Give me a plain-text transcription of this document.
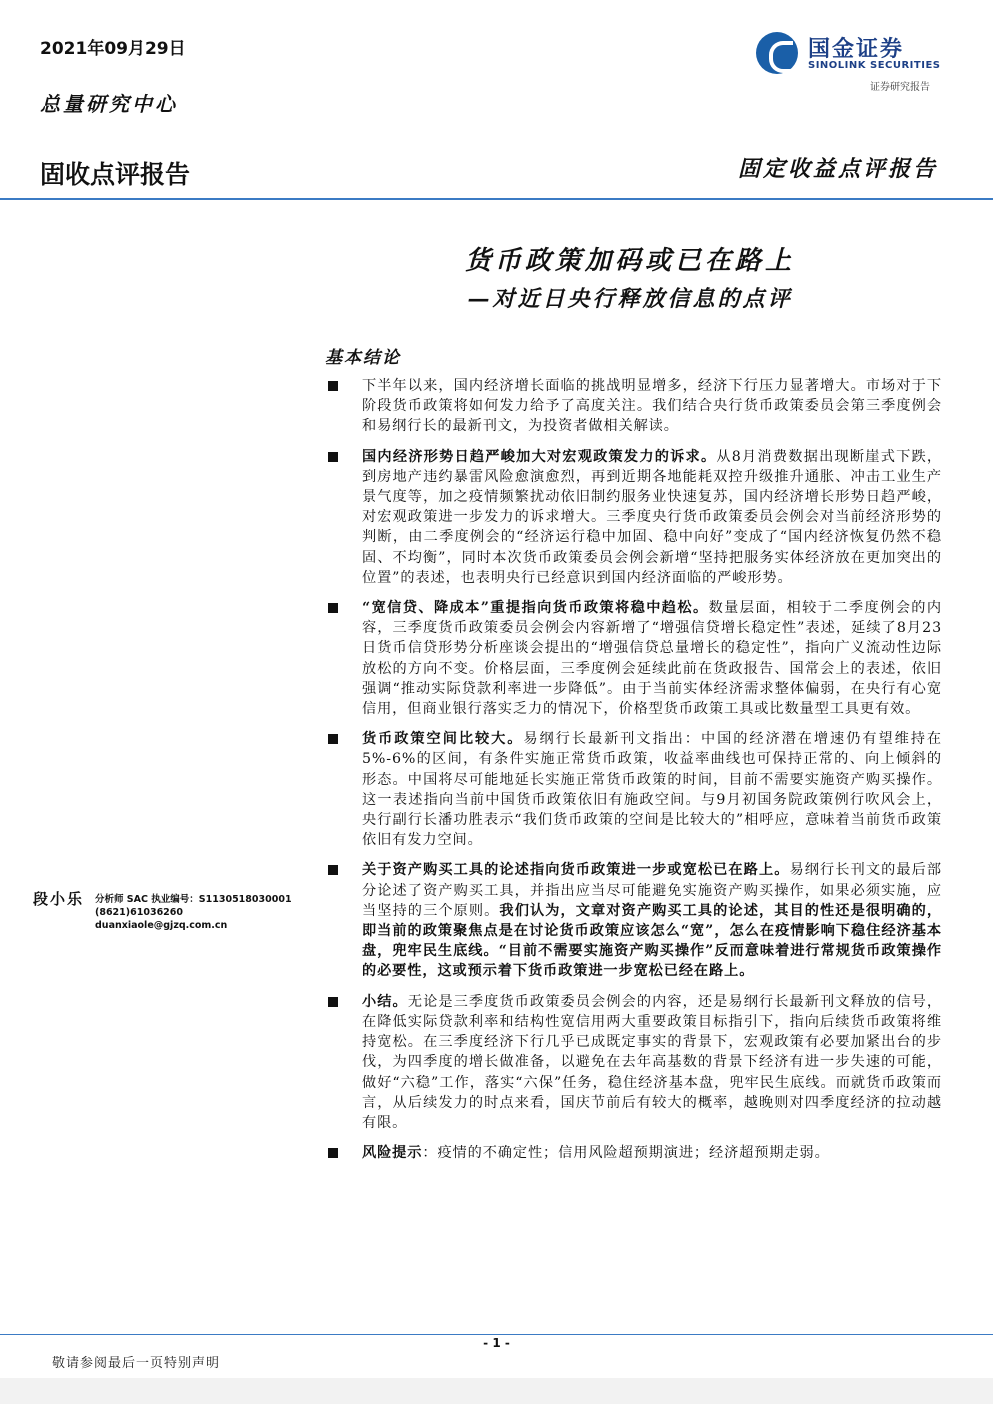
2021年09月29日
总量研究中心
国金证券
SINOLINK SECURITIES
证券研究报告
固收点评报告	固定收益点评报告
货币政策加码或已在路上
—对近日央行释放信息的点评
基本结论
下半年以来，国内经济增长面临的挑战明显增多，经济下行压力显著增大。市场对于下阶段货币政策将如何发力给予了高度关注。我们结合央行货币政策委员会第三季度例会和易纲行长的最新刊文，为投资者做相关解读。
国内经济形势日趋严峻加大对宏观政策发力的诉求。从8月消费数据出现断崖式下跌，到房地产违约暴雷风险愈演愈烈，再到近期各地能耗双控升级推升通胀、冲击工业生产景气度等，加之疫情频繁扰动依旧制约服务业快速复苏，国内经济增长形势日趋严峻，对宏观政策进一步发力的诉求增大。三季度央行货币政策委员会例会对当前经济形势的判断，由二季度例会的“经济运行稳中加固、稳中向好”变成了“国内经济恢复仍然不稳固、不均衡”，同时本次货币政策委员会例会新增“坚持把服务实体经济放在更加突出的位置”的表述，也表明央行已经意识到国内经济面临的严峻形势。
“宽信贷、降成本”重提指向货币政策将稳中趋松。数量层面，相较于二季度例会的内容，三季度货币政策委员会例会内容新增了“增强信贷增长稳定性”表述，延续了8月23日货币信贷形势分析座谈会提出的“增强信贷总量增长的稳定性”，指向广义流动性边际放松的方向不变。价格层面，三季度例会延续此前在货政报告、国常会上的表述，依旧强调“推动实际贷款利率进一步降低”。由于当前实体经济需求整体偏弱，在央行有心宽信用，但商业银行落实乏力的情况下，价格型货币政策工具或比数量型工具更有效。
货币政策空间比较大。易纲行长最新刊文指出：中国的经济潜在增速仍有望维持在5%-6%的区间，有条件实施正常货币政策，收益率曲线也可保持正常的、向上倾斜的形态。中国将尽可能地延长实施正常货币政策的时间，目前不需要实施资产购买操作。这一表述指向当前中国货币政策依旧有施政空间。与9月初国务院政策例行吹风会上，央行副行长潘功胜表示“我们货币政策的空间是比较大的”相呼应，意味着当前货币政策依旧有发力空间。
关于资产购买工具的论述指向货币政策进一步或宽松已在路上。易纲行长刊文的最后部分论述了资产购买工具，并指出应当尽可能避免实施资产购买操作，如果必须实施，应当坚持的三个原则。我们认为，文章对资产购买工具的论述，其目的性还是很明确的，即当前的政策聚焦点是在讨论货币政策应该怎么“宽”，怎么在疫情影响下稳住经济基本盘，兜牢民生底线。“目前不需要实施资产购买操作”反而意味着进行常规货币政策操作的必要性，这或预示着下货币政策进一步宽松已经在路上。
小结。无论是三季度货币政策委员会例会的内容，还是易纲行长最新刊文释放的信号，在降低实际贷款利率和结构性宽信用两大重要政策目标指引下，指向后续货币政策将维持宽松。在三季度经济下行几乎已成既定事实的背景下，宏观政策有必要加紧出台的步伐，为四季度的增长做准备，以避免在去年高基数的背景下经济有进一步失速的可能，做好“六稳”工作，落实“六保”任务，稳住经济基本盘，兜牢民生底线。而就货币政策而言，从后续发力的时点来看，国庆节前后有较大的概率，越晚则对四季度经济的拉动越有限。
风险提示：疫情的不确定性；信用风险超预期演进；经济超预期走弱。
段小乐 分析师 SAC 执业编号：S1130518030001
(8621)61036260
duanxiaole@gjzq.com.cn
- 1 -
敬请参阅最后一页特别声明
